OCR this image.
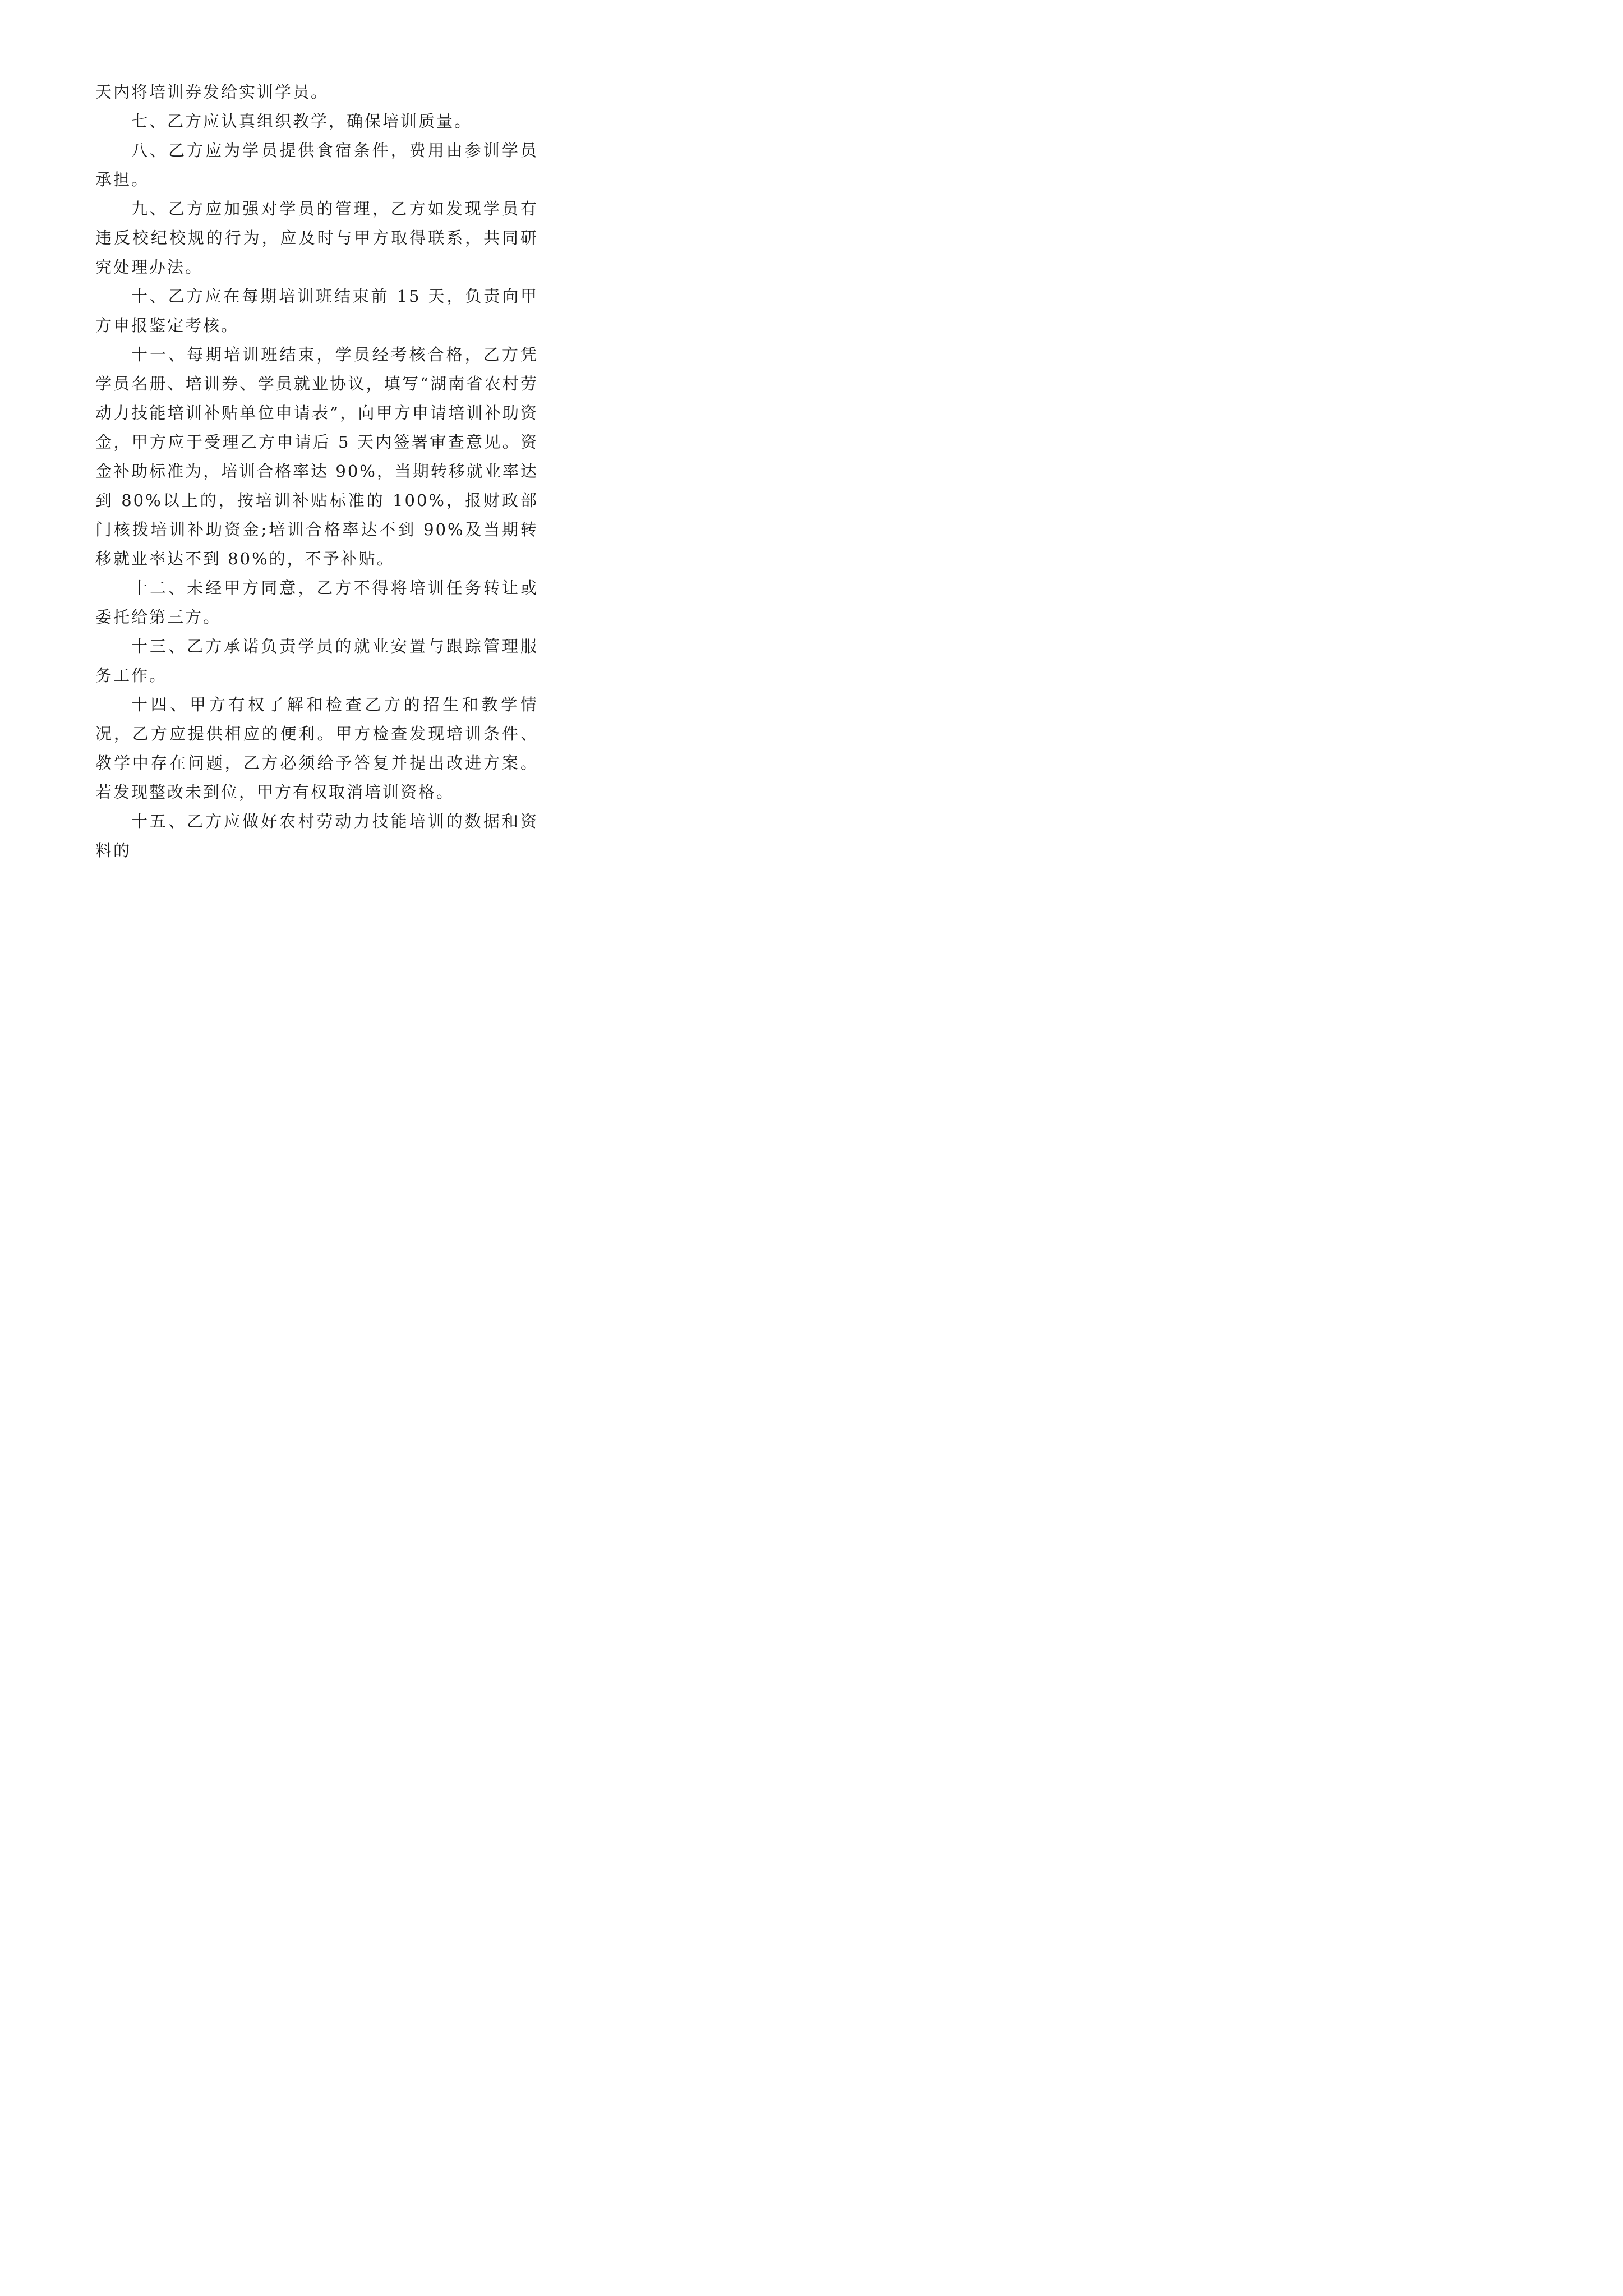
天内将培训券发给实训学员。

七、乙方应认真组织教学，确保培训质量。

八、乙方应为学员提供食宿条件，费用由参训学员承担。

九、乙方应加强对学员的管理，乙方如发现学员有违反校纪校规的行为，应及时与甲方取得联系，共同研究处理办法。

十、乙方应在每期培训班结束前 15 天，负责向甲方申报鉴定考核。

十一、每期培训班结束，学员经考核合格，乙方凭学员名册、培训券、学员就业协议，填写“湖南省农村劳动力技能培训补贴单位申请表”，向甲方申请培训补助资金，甲方应于受理乙方申请后 5 天内签署审查意见。资金补助标准为，培训合格率达 90%，当期转移就业率达到 80%以上的，按培训补贴标准的 100%，报财政部门核拨培训补助资金;培训合格率达不到 90%及当期转移就业率达不到 80%的，不予补贴。

十二、未经甲方同意，乙方不得将培训任务转让或委托给第三方。

十三、乙方承诺负责学员的就业安置与跟踪管理服务工作。

十四、甲方有权了解和检查乙方的招生和教学情况，乙方应提供相应的便利。甲方检查发现培训条件、教学中存在问题，乙方必须给予答复并提出改进方案。若发现整改未到位，甲方有权取消培训资格。

十五、乙方应做好农村劳动力技能培训的数据和资料的
